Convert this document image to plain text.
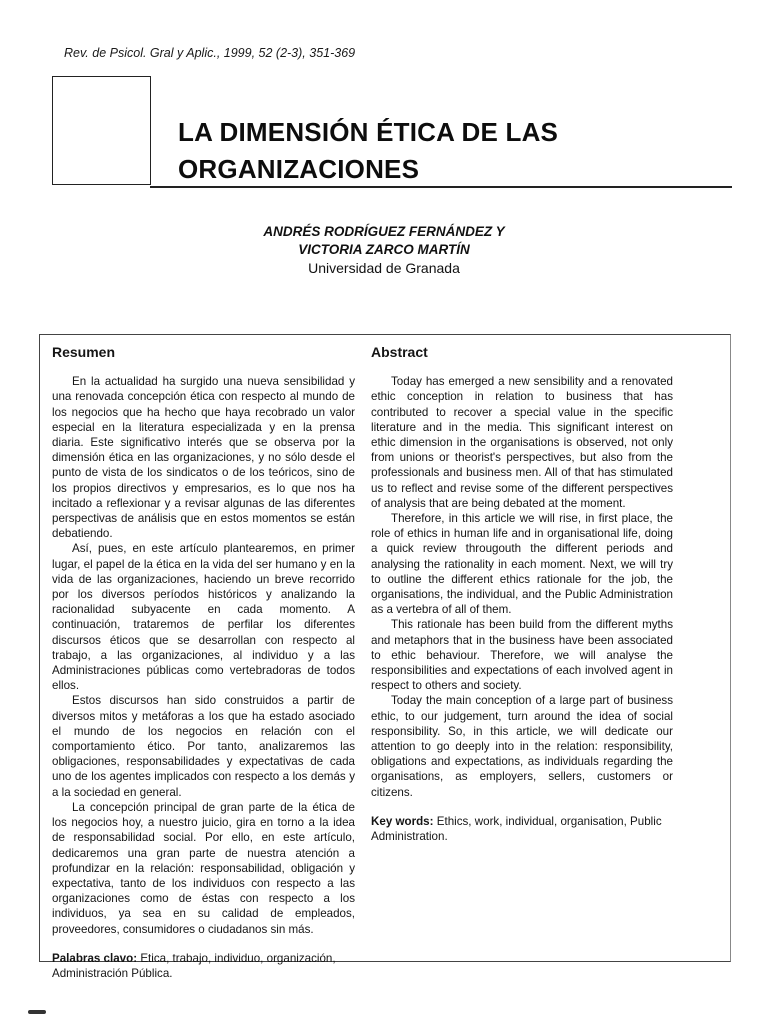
Rev. de Psicol. Gral y Aplic., 1999, 52 (2-3), 351-369
LA DIMENSIÓN ÉTICA DE LAS
ORGANIZACIONES
ANDRÉS RODRÍGUEZ FERNÁNDEZ Y
VICTORIA ZARCO MARTÍN
Universidad de Granada
Resumen

En la actualidad ha surgido una nueva sensibilidad y una renovada concepción ética con respecto al mundo de los negocios que ha hecho que haya recobrado un valor especial en la literatura especializada y en la prensa diaria. Este significativo interés que se observa por la dimensión ética en las organizaciones, y no sólo desde el punto de vista de los sindicatos o de los teóricos, sino de los propios directivos y empresarios, es lo que nos ha incitado a reflexionar y a revisar algunas de las diferentes perspectivas de análisis que en estos momentos se están debatiendo.

Así, pues, en este artículo plantearemos, en primer lugar, el papel de la ética en la vida del ser humano y en la vida de las organizaciones, haciendo un breve recorrido por los diversos períodos históricos y analizando la racionalidad subyacente en cada momento. A continuación, trataremos de perfilar los diferentes discursos éticos que se desarrollan con respecto al trabajo, a las organizaciones, al individuo y a las Administraciones públicas como vertebradoras de todos ellos.

Estos discursos han sido construidos a partir de diversos mitos y metáforas a los que ha estado asociado el mundo de los negocios en relación con el comportamiento ético. Por tanto, analizaremos las obligaciones, responsabilidades y expectativas de cada uno de los agentes implicados con respecto a los demás y a la sociedad en general.

La concepción principal de gran parte de la ética de los negocios hoy, a nuestro juicio, gira en torno a la idea de responsabilidad social. Por ello, en este artículo, dedicaremos una gran parte de nuestra atención a profundizar en la relación: responsabilidad, obligación y expectativa, tanto de los individuos con respecto a las organizaciones como de éstas con respecto a los individuos, ya sea en su calidad de empleados, proveedores, consumidores o ciudadanos sin más.

Palabras clavo: Etica, trabajo, individuo, organización, Administración Pública.

Abstract

Today has emerged a new sensibility and a renovated ethic conception in relation to business that has contributed to recover a special value in the specific literature and in the media. This significant interest on ethic dimension in the organisations is observed, not only from unions or theorist's perspectives, but also from the professionals and business men. All of that has stimulated us to reflect and revise some of the different perspectives of analysis that are being debated at the moment.

Therefore, in this article we will rise, in first place, the role of ethics in human life and in organisational life, doing a quick review througouth the different periods and analysing the rationality in each moment. Next, we will try to outline the different ethics rationale for the job, the organisations, the individual, and the Public Administration as a vertebra of all of them.

This rationale has been build from the different myths and metaphors that in the business have been associated to ethic behaviour. Therefore, we will analyse the responsibilities and expectations of each involved agent in respect to others and society.

Today the main conception of a large part of business ethic, to our judgement, turn around the idea of social responsibility. So, in this article, we will dedicate our attention to go deeply into in the relation: responsibility, obligations and expectations, as individuals regarding the organisations, as employers, sellers, customers or citizens.

Key words: Ethics, work, individual, organisation, Public Administration.
